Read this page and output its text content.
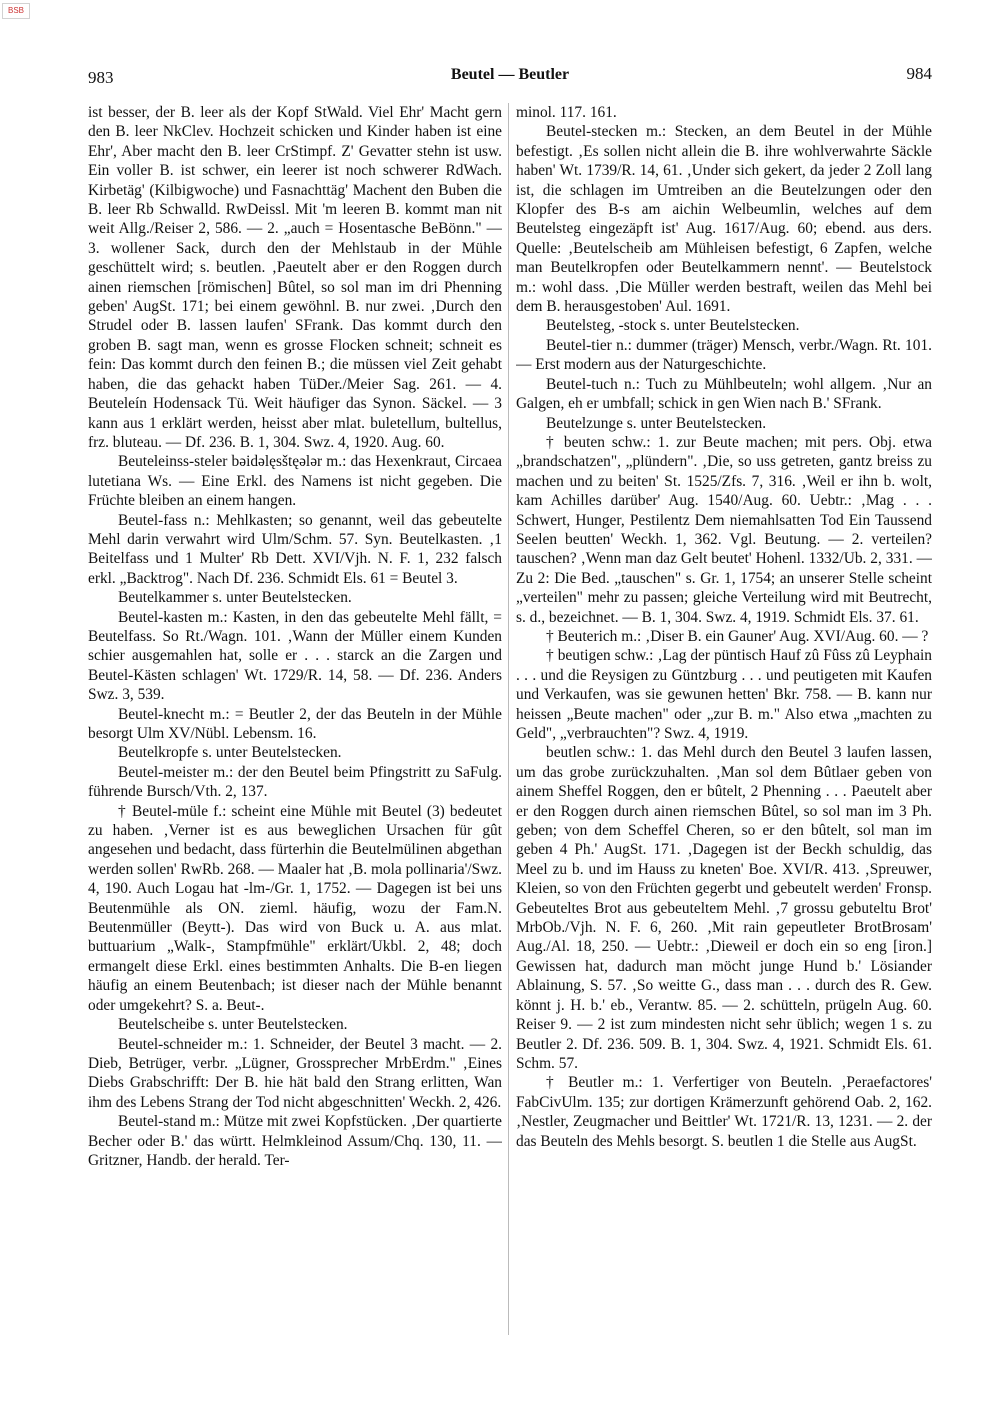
BSB
983	Beutel — Beutler	984

ist besser, der B. leer als der Kopf StWald. Viel Ehr' Macht gern den B. leer NkClev. Hochzeit schicken und Kinder haben ist eine Ehr', Aber macht den B. leer CrStimpf. Z' Gevatter stehn ist usw. Ein voller B. ist schwer, ein leerer ist noch schwerer RdWach. Kirbetäg' (Kilbigwoche) und Fasnachttäg' Machent den Buben die B. leer Rb Schwalld. RwDeissl. Mit 'm leeren B. kommt man nit weit Allg./Reiser 2, 586. — 2. „auch = Hosentasche BeBönn." — 3. wollener Sack, durch den der Mehlstaub in der Mühle geschüttelt wird; s. beutlen. ‚Paeutelt aber er den Roggen durch ainen riemschen [römischen] Bûtel, so sol man im dri Phenning geben' AugSt. 171; bei einem gewöhnl. B. nur zwei. ‚Durch den Strudel oder B. lassen laufen' SFrank. Das kommt durch den groben B. sagt man, wenn es grosse Flocken schneit; schneit es fein: Das kommt durch den feinen B.; die müssen viel Zeit gehabt haben, die das gehackt haben TüDer./Meier Sag. 261. — 4. Beuteleín Hodensack Tü. Weit häufiger das Synon. Säckel. — 3 kann aus 1 erklärt werden, heisst aber mlat. buletellum, bultellus, frz. bluteau. — Df. 236. B. 1, 304. Swz. 4, 1920. Aug. 60.

Beuteleinss-steler bəidəlęsštęələr m.: das Hexenkraut, Circaea lutetiana Ws. — Eine Erkl. des Namens ist nicht gegeben. Die Früchte bleiben an einem hangen.

Beutel-fass n.: Mehlkasten; so genannt, weil das gebeutelte Mehl darin verwahrt wird Ulm/Schm. 57. Syn. Beutelkasten. ‚1 Beitelfass und 1 Multer' Rb Dett. XVI/Vjh. N. F. 1, 232 falsch erkl. „Backtrog". Nach Df. 236. Schmidt Els. 61 = Beutel 3.

Beutelkammer s. unter Beutelstecken.

Beutel-kasten m.: Kasten, in den das gebeutelte Mehl fällt, = Beutelfass. So Rt./Wagn. 101. ‚Wann der Müller einem Kunden schier ausgemahlen hat, solle er . . . starck an die Zargen und Beutel-Kästen schlagen' Wt. 1729/R. 14, 58. — Df. 236. Anders Swz. 3, 539.

Beutel-knecht m.: = Beutler 2, der das Beuteln in der Mühle besorgt Ulm XV/Nübl. Lebensm. 16.

Beutelkropfe s. unter Beutelstecken.

Beutel-meister m.: der den Beutel beim Pfingstritt zu SaFulg. führende Bursch/Vth. 2, 137.

† Beutel-müle f.: scheint eine Mühle mit Beutel (3) bedeutet zu haben. ‚Verner ist es aus beweglichen Ursachen für gût angesehen und bedacht, dass fürterhin die Beutelmülinen abgethan werden sollen' RwRb. 268. — Maaler hat ‚B. mola pollinaria'/Swz. 4, 190. Auch Logau hat -lm-/Gr. 1, 1752. — Dagegen ist bei uns Beutenmühle als ON. zieml. häufig, wozu der Fam.N. Beutenmüller (Beytt-). Das wird von Buck u. A. aus mlat. buttuarium „Walk-, Stampfmühle" erklärt/Ukbl. 2, 48; doch ermangelt diese Erkl. eines bestimmten Anhalts. Die B-en liegen häufig an einem Beutenbach; ist dieser nach der Mühle benannt oder umgekehrt? S. a. Beut-.

Beutelscheibe s. unter Beutelstecken.

Beutel-schneider m.: 1. Schneider, der Beutel 3 macht. — 2. Dieb, Betrüger, verbr. „Lügner, Grossprecher MrbErdm." ‚Eines Diebs Grabschrifft: Der B. hie hät bald den Strang erlitten, Wan ihm des Lebens Strang der Tod nicht abgeschnitten' Weckh. 2, 426.

Beutel-stand m.: Mütze mit zwei Kopfstücken. ‚Der quartierte Becher oder B.' das württ. Helmkleinod Assum/Chq. 130, 11. — Gritzner, Handb. der herald. Ter-

minol. 117. 161.

Beutel-stecken m.: Stecken, an dem Beutel in der Mühle befestigt. ‚Es sollen nicht allein die B. ihre wohlverwahrte Säckle haben' Wt. 1739/R. 14, 61. ‚Under sich gekert, da jeder 2 Zoll lang ist, die schlagen im Umtreiben an die Beutelzungen oder den Klopfer des B-s am aichin Welbeumlin, welches auf dem Beutelsteg eingezäpft ist' Aug. 1617/Aug. 60; ebend. aus ders. Quelle: ‚Beutelscheib am Mühleisen befestigt, 6 Zapfen, welche man Beutelkropfen oder Beutelkammern nennt'. — Beutelstock m.: wohl dass. ‚Die Müller werden bestraft, weilen das Mehl bei dem B. herausgestoben' Aul. 1691.

Beutelsteg, -stock s. unter Beutelstecken.

Beutel-tier n.: dummer (träger) Mensch, verbr./Wagn. Rt. 101. — Erst modern aus der Naturgeschichte.

Beutel-tuch n.: Tuch zu Mühlbeuteln; wohl allgem. ‚Nur an Galgen, eh er umbfall; schick in gen Wien nach B.' SFrank.

Beutelzunge s. unter Beutelstecken.

† beuten schw.: 1. zur Beute machen; mit pers. Obj. etwa „brandschatzen", „plündern". ‚Die, so uss getreten, gantz breiss zu machen und zu beiten' St. 1525/Zfs. 7, 316. ‚Weil er ihn b. wolt, kam Achilles darüber' Aug. 1540/Aug. 60. Uebtr.: ‚Mag . . . Schwert, Hunger, Pestilentz Dem niemahlsatten Tod Ein Taussend Seelen beutten' Weckh. 1, 362. Vgl. Beutung. — 2. verteilen? tauschen? ‚Wenn man daz Gelt beutet' Hohenl. 1332/Ub. 2, 331. — Zu 2: Die Bed. „tauschen" s. Gr. 1, 1754; an unserer Stelle scheint „verteilen" mehr zu passen; gleiche Verteilung wird mit Beutrecht, s. d., bezeichnet. — B. 1, 304. Swz. 4, 1919. Schmidt Els. 37. 61.

† Beuterich m.: ‚Diser B. ein Gauner' Aug. XVI/Aug. 60. — ?

† beutigen schw.: ‚Lag der püntisch Hauf zû Fûss zû Leyphain . . . und die Reysigen zu Güntzburg . . . und peutigeten mit Kaufen und Verkaufen, was sie gewunen hetten' Bkr. 758. — B. kann nur heissen „Beute machen" oder „zur B. m." Also etwa „machten zu Geld", „verbrauchten"? Swz. 4, 1919.

beutlen schw.: 1. das Mehl durch den Beutel 3 laufen lassen, um das grobe zurückzuhalten. ‚Man sol dem Bûtlaer geben von ainem Sheffel Roggen, den er bûtelt, 2 Phenning . . . Paeutelt aber er den Roggen durch ainen riemschen Bûtel, so sol man im 3 Ph. geben; von dem Scheffel Cheren, so er den bûtelt, sol man im geben 4 Ph.' AugSt. 171. ‚Dagegen ist der Beckh schuldig, das Meel zu b. und im Hauss zu kneten' Boe. XVI/R. 413. ‚Spreuwer, Kleien, so von den Früchten gegerbt und gebeutelt werden' Fronsp. Gebeuteltes Brot aus gebeuteltem Mehl. ‚7 grossu gebuteltu Brot' MrbOb./Vjh. N. F. 6, 260. ‚Mit rain gepeutleter BrotBrosam' Aug./Al. 18, 250. — Uebtr.: ‚Dieweil er doch ein so eng [iron.] Gewissen hat, dadurch man möcht junge Hund b.' Lösiander Ablainung, S. 57. ‚So weitte G., dass man . . . durch des R. Gew. könnt j. H. b.' eb., Verantw. 85. — 2. schütteln, prügeln Aug. 60. Reiser 9. — 2 ist zum mindesten nicht sehr üblich; wegen 1 s. zu Beutler 2. Df. 236. 509. B. 1, 304. Swz. 4, 1921. Schmidt Els. 61. Schm. 57.

† Beutler m.: 1. Verfertiger von Beuteln. ‚Peraefactores' FabCivUlm. 135; zur dortigen Krämerzunft gehörend Oab. 2, 162. ‚Nestler, Zeugmacher und Beittler' Wt. 1721/R. 13, 1231. — 2. der das Beuteln des Mehls besorgt. S. beutlen 1 die Stelle aus AugSt.
